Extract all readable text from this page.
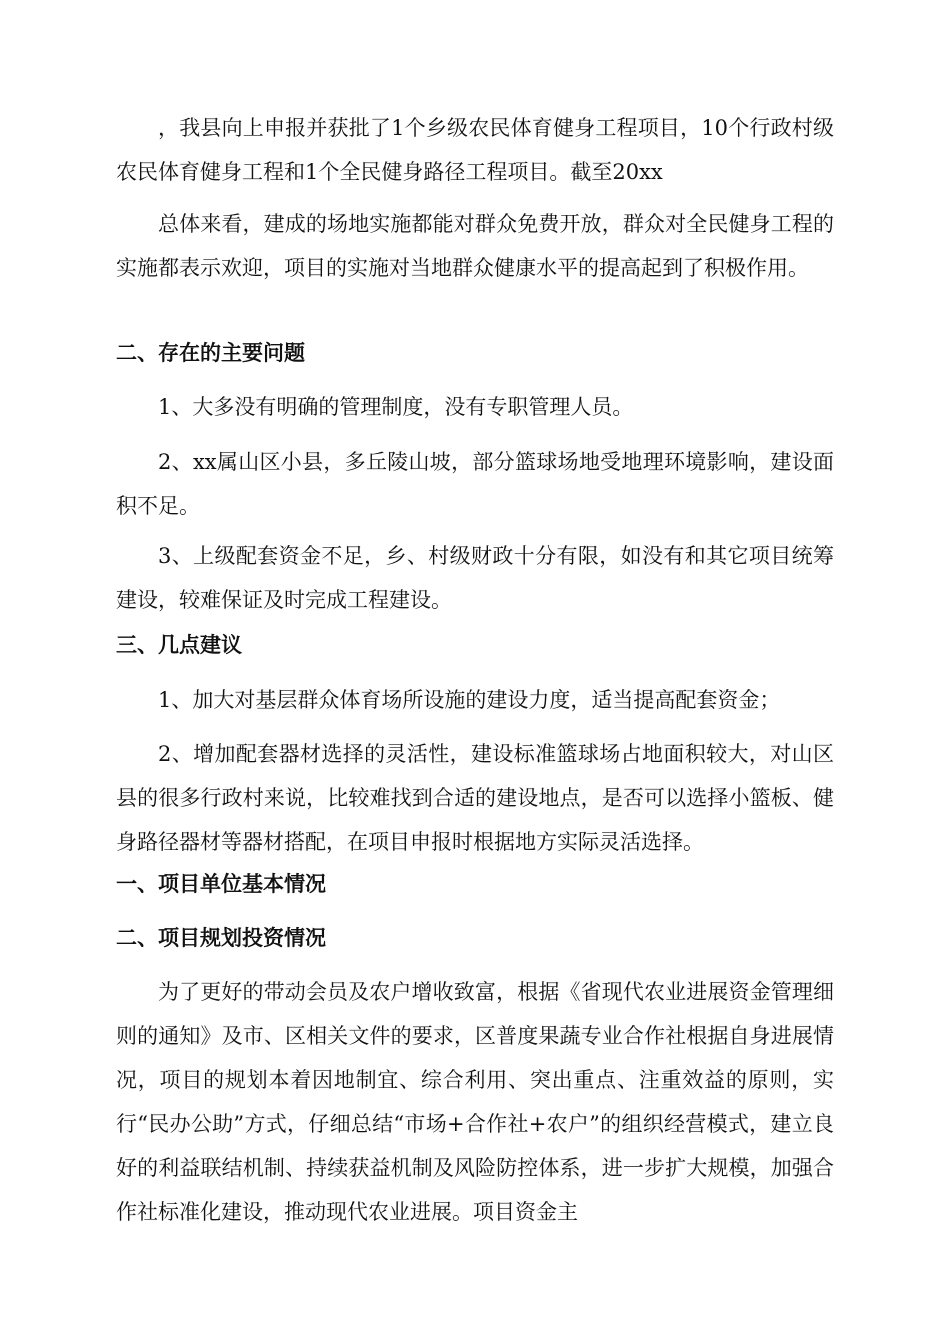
，我县向上申报并获批了1个乡级农民体育健身工程项目，10个行政村级农民体育健身工程和1个全民健身路径工程项目。截至20xx
总体来看，建成的场地实施都能对群众免费开放，群众对全民健身工程的实施都表示欢迎，项目的实施对当地群众健康水平的提高起到了积极作用。
二、存在的主要问题
1、大多没有明确的管理制度，没有专职管理人员。
2、xx属山区小县，多丘陵山坡，部分篮球场地受地理环境影响，建设面积不足。
3、上级配套资金不足，乡、村级财政十分有限，如没有和其它项目统筹建设，较难保证及时完成工程建设。
三、几点建议
1、加大对基层群众体育场所设施的建设力度，适当提高配套资金；
2、增加配套器材选择的灵活性，建设标准篮球场占地面积较大，对山区县的很多行政村来说，比较难找到合适的建设地点，是否可以选择小篮板、健身路径器材等器材搭配，在项目申报时根据地方实际灵活选择。
一、项目单位基本情况
二、项目规划投资情况
为了更好的带动会员及农户增收致富，根据《省现代农业进展资金管理细则的通知》及市、区相关文件的要求，区普度果蔬专业合作社根据自身进展情况，项目的规划本着因地制宜、综合利用、突出重点、注重效益的原则，实行“民办公助”方式，仔细总结“市场+合作社+农户”的组织经营模式，建立良好的利益联结机制、持续获益机制及风险防控体系，进一步扩大规模，加强合作社标准化建设，推动现代农业进展。项目资金主
